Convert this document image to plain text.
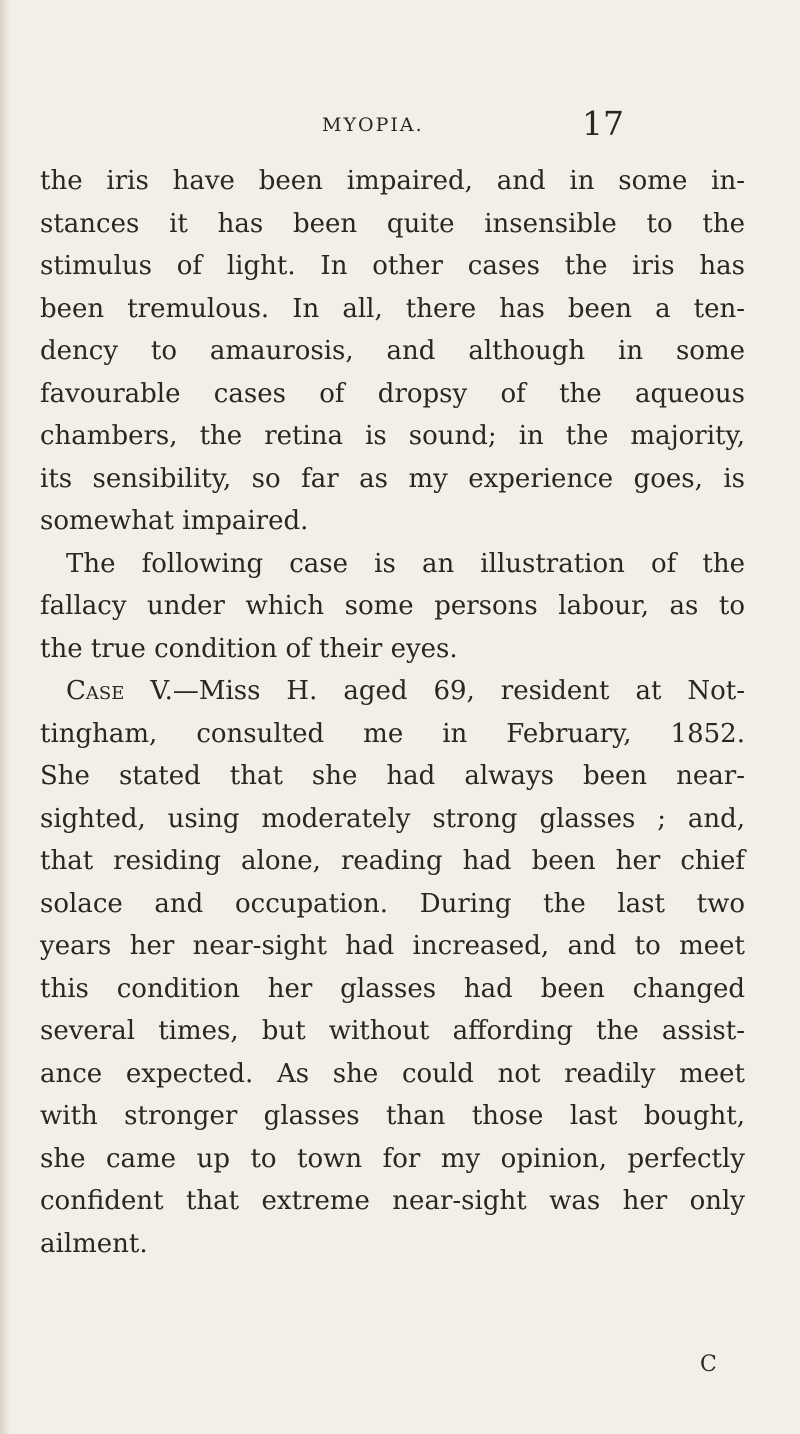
MYOPIA.	17
the iris have been impaired, and in some in-
stances it has been quite insensible to the
stimulus of light. In other cases the iris has
been tremulous. In all, there has been a ten-
dency to amaurosis, and although in some
favourable cases of dropsy of the aqueous
chambers, the retina is sound; in the majority,
its sensibility, so far as my experience goes, is
somewhat impaired.
The following case is an illustration of the
fallacy under which some persons labour, as to
the true condition of their eyes.
Case V.—Miss H. aged 69, resident at Not-
tingham, consulted me in February, 1852.
She stated that she had always been near-
sighted, using moderately strong glasses ; and,
that residing alone, reading had been her chief
solace and occupation. During the last two
years her near-sight had increased, and to meet
this condition her glasses had been changed
several times, but without affording the assist-
ance expected. As she could not readily meet
with stronger glasses than those last bought,
she came up to town for my opinion, perfectly
confident that extreme near-sight was her only
ailment.
C
